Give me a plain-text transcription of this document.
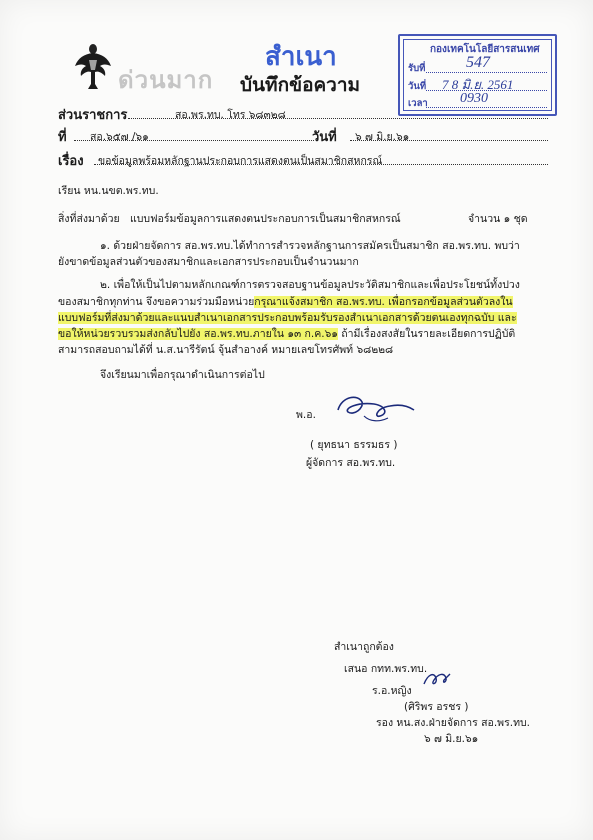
ด่วนมาก
สำเนา
บันทึกข้อความ
กองเทคโนโลยีสารสนเทศ
รับที่	547
วันที่ 7 8 มิ.ย. 2561
เวลา 0930
ส่วนราชการ	สอ.พร.ทบ. โทร ๖๘๓๒๘
ที่ สอ.๖๕๗ /๖๑	วันที่ ๖ ๗ มิ.ย.๖๑
เรื่อง ขอข้อมูลพร้อมหลักฐานประกอบการแสดงตนเป็นสมาชิกสหกรณ์
เรียน หน.นขต.พร.ทบ.
สิ่งที่ส่งมาด้วย แบบฟอร์มข้อมูลการแสดงตนประกอบการเป็นสมาชิกสหกรณ์	จำนวน ๑ ชุด
๑. ด้วยฝ่ายจัดการ สอ.พร.ทบ.ได้ทำการสำรวจหลักฐานการสมัครเป็นสมาชิก สอ.พร.ทบ. พบว่า
ยังขาดข้อมูลส่วนตัวของสมาชิกและเอกสารประกอบเป็นจำนวนมาก
๒. เพื่อให้เป็นไปตามหลักเกณฑ์การตรวจสอบฐานข้อมูลประวัติสมาชิกและเพื่อประโยชน์ทั้งปวง
ของสมาชิกทุกท่าน จึงขอความร่วมมือหน่วยกรุณาแจ้งสมาชิก สอ.พร.ทบ. เพื่อกรอกข้อมูลส่วนตัวลงใน
แบบฟอร์มที่ส่งมาด้วยและแนบสำเนาเอกสารประกอบพร้อมรับรองสำเนาเอกสารด้วยตนเองทุกฉบับ และ
ขอให้หน่วยรวบรวมส่งกลับไปยัง สอ.พร.ทบ.ภายใน ๑๓ ก.ค.๖๑ ถ้ามีเรื่องสงสัยในรายละเอียดการปฏิบัติ
สามารถสอบถามได้ที่ น.ส.นารีรัตน์ จุ้นสำอางค์ หมายเลขโทรศัพท์ ๖๘๒๒๘
จึงเรียนมาเพื่อกรุณาดำเนินการต่อไป
พ.อ.
( ยุทธนา ธรรมธร )
ผู้จัดการ สอ.พร.ทบ.
สำเนาถูกต้อง
เสนอ กทท.พร.ทบ.
ร.อ.หญิง
(ศิริพร อรชร )
รอง หน.สง.ฝ่ายจัดการ สอ.พร.ทบ.
๖ ๗ มิ.ย.๖๑
